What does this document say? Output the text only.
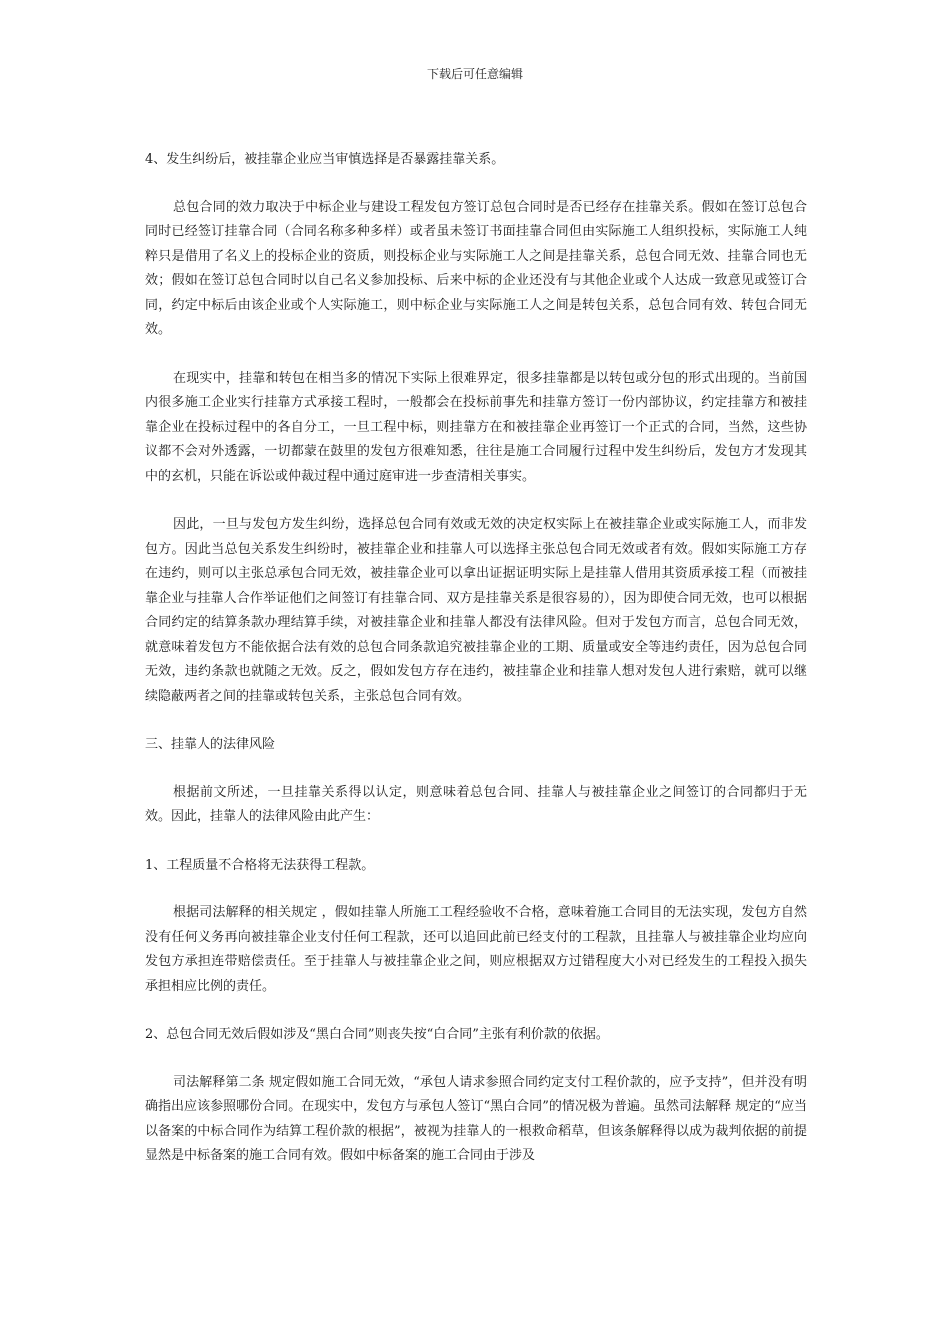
下载后可任意编辑

4、发生纠纷后，被挂靠企业应当审慎选择是否暴露挂靠关系。

总包合同的效力取决于中标企业与建设工程发包方签订总包合同时是否已经存在挂靠关系。假如在签订总包合同时已经签订挂靠合同（合同名称多种多样）或者虽未签订书面挂靠合同但由实际施工人组织投标，实际施工人纯粹只是借用了名义上的投标企业的资质，则投标企业与实际施工人之间是挂靠关系，总包合同无效、挂靠合同也无效；假如在签订总包合同时以自己名义参加投标、后来中标的企业还没有与其他企业或个人达成一致意见或签订合同，约定中标后由该企业或个人实际施工，则中标企业与实际施工人之间是转包关系，总包合同有效、转包合同无效。

在现实中，挂靠和转包在相当多的情况下实际上很难界定，很多挂靠都是以转包或分包的形式出现的。当前国内很多施工企业实行挂靠方式承接工程时，一般都会在投标前事先和挂靠方签订一份内部协议，约定挂靠方和被挂靠企业在投标过程中的各自分工，一旦工程中标，则挂靠方在和被挂靠企业再签订一个正式的合同，当然，这些协议都不会对外透露，一切都蒙在鼓里的发包方很难知悉，往往是施工合同履行过程中发生纠纷后，发包方才发现其中的玄机，只能在诉讼或仲裁过程中通过庭审进一步查清相关事实。

因此，一旦与发包方发生纠纷，选择总包合同有效或无效的决定权实际上在被挂靠企业或实际施工人，而非发包方。因此当总包关系发生纠纷时，被挂靠企业和挂靠人可以选择主张总包合同无效或者有效。假如实际施工方存在违约，则可以主张总承包合同无效，被挂靠企业可以拿出证据证明实际上是挂靠人借用其资质承接工程（而被挂靠企业与挂靠人合作举证他们之间签订有挂靠合同、双方是挂靠关系是很容易的），因为即使合同无效，也可以根据合同约定的结算条款办理结算手续，对被挂靠企业和挂靠人都没有法律风险。但对于发包方而言，总包合同无效，就意味着发包方不能依据合法有效的总包合同条款追究被挂靠企业的工期、质量或安全等违约责任，因为总包合同无效，违约条款也就随之无效。反之，假如发包方存在违约，被挂靠企业和挂靠人想对发包人进行索赔，就可以继续隐蔽两者之间的挂靠或转包关系，主张总包合同有效。

三、挂靠人的法律风险

根据前文所述，一旦挂靠关系得以认定，则意味着总包合同、挂靠人与被挂靠企业之间签订的合同都归于无效。因此，挂靠人的法律风险由此产生：

1、工程质量不合格将无法获得工程款。

根据司法解释的相关规定 ，假如挂靠人所施工工程经验收不合格，意味着施工合同目的无法实现，发包方自然没有任何义务再向被挂靠企业支付任何工程款，还可以追回此前已经支付的工程款，且挂靠人与被挂靠企业均应向发包方承担连带赔偿责任。至于挂靠人与被挂靠企业之间，则应根据双方过错程度大小对已经发生的工程投入损失承担相应比例的责任。

2、总包合同无效后假如涉及“黑白合同”则丧失按“白合同”主张有利价款的依据。

司法解释第二条 规定假如施工合同无效，“承包人请求参照合同约定支付工程价款的，应予支持”，但并没有明确指出应该参照哪份合同。在现实中，发包方与承包人签订“黑白合同”的情况极为普遍。虽然司法解释 规定的“应当以备案的中标合同作为结算工程价款的根据”，被视为挂靠人的一根救命稻草，但该条解释得以成为裁判依据的前提显然是中标备案的施工合同有效。假如中标备案的施工合同由于涉及
